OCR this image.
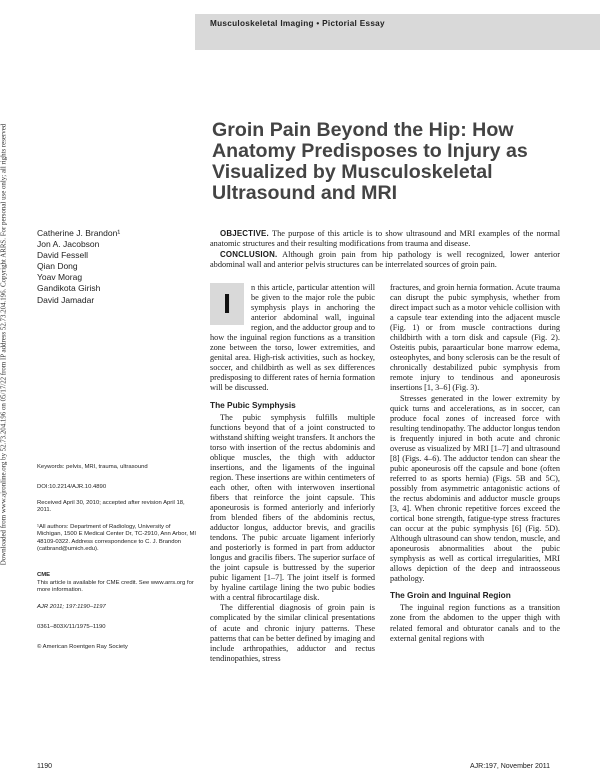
Musculoskeletal Imaging • Pictorial Essay
Downloaded from www.ajronline.org by 52.73.204.196 on 05/17/22 from IP address 52.73.204.196. Copyright ARRS. For personal use only; all rights reserved	Groin Pain Beyond the Hip: How Anatomy Predisposes to Injury as Visualized by Musculoskeletal Ultrasound and MRI
Catherine J. Brandon¹
Jon A. Jacobson
David Fessell
Qian Dong
Yoav Morag
Gandikota Girish
David Jamadar

OBJECTIVE. The purpose of this article is to show ultrasound and MRI examples of the normal anatomic structures and their resulting modifications from trauma and disease.

CONCLUSION. Although groin pain from hip pathology is well recognized, lower anterior abdominal wall and anterior pelvis structures can be interrelated sources of groin pain.

I
n this article, particular attention will be given to the major role the pubic symphysis plays in anchoring the anterior abdominal wall, inguinal region, and the adductor group and to how the inguinal region functions as a transition zone between the torso, lower extremities, and genital area. High-risk activities, such as hockey, soccer, and childbirth as well as sex differences predisposing to different rates of hernia formation will be discussed.

The Pubic Symphysis

The pubic symphysis fulfills multiple functions beyond that of a joint constructed to withstand shifting weight transfers. It anchors the torso with insertion of the rectus abdominis and oblique muscles, the thigh with adductor insertions, and the ligaments of the inguinal region. These insertions are within centimeters of each other, often with interwoven insertional fibers that reinforce the joint capsule. This aponeurosis is formed anteriorly and inferiorly from blended fibers of the abdominis rectus, adductor longus, adductor brevis, and gracilis tendons. The pubic arcuate ligament inferiorly and posteriorly is formed in part from adductor longus and gracilis fibers. The superior surface of the joint capsule is buttressed by the superior pubic ligament [1–7]. The joint itself is formed by hyaline cartilage lining the two pubic bodies with a central fibrocartilage disk.

The differential diagnosis of groin pain is complicated by the similar clinical presentations of acute and chronic injury patterns. These patterns that can be better defined by imaging and include arthropathies, adductor and rectus tendinopathies, stress

fractures, and groin hernia formation. Acute trauma can disrupt the pubic symphysis, whether from direct impact such as a motor vehicle collision with a capsule tear extending into the adjacent muscle (Fig. 1) or from muscle contractions during childbirth with a torn disk and capsule (Fig. 2). Osteitis pubis, paraarticular bone marrow edema, osteophytes, and bony sclerosis can be the result of chronically destabilized pubic symphysis from remote injury to tendinous and aponeurosis insertions [1, 3–6] (Fig. 3).

Stresses generated in the lower extremity by quick turns and accelerations, as in soccer, can produce focal zones of increased force with resulting tendinopathy. The adductor longus tendon is frequently injured in both acute and chronic overuse as visualized by MRI [1–7] and ultrasound [8] (Figs. 4–6). The adductor tendon can shear the pubic aponeurosis off the capsule and bone (often referred to as sports hernia) (Figs. 5B and 5C), possibly from asymmetric antagonistic actions of the rectus abdominis and adductor muscle groups [3, 4]. When chronic repetitive forces exceed the cortical bone strength, fatigue-type stress fractures can occur at the pubic symphysis [6] (Fig. 5D). Although ultrasound can show tendon, muscle, and aponeurosis abnormalities about the pubic symphysis as well as cortical irregularities, MRI allows depiction of the deep and intraosseous pathology.

The Groin and Inguinal Region

The inguinal region functions as a transition zone from the abdomen to the upper thigh with related femoral and obturator canals and to the external genital regions with

Keywords: pelvis, MRI, trauma, ultrasound
DOI:10.2214/AJR.10.4890
Received April 30, 2010; accepted after revision April 18, 2011.
¹All authors: Department of Radiology, University of Michigan, 1500 E Medical Center Dr, TC-2910, Ann Arbor, MI 48109-0322. Address correspondence to C. J. Brandon (catbrand@umich.edu).
CME
This article is available for CME credit. See www.arrs.org for more information.
AJR 2011; 197:1190–1197
0361–803X/11/1975–1190
© American Roentgen Ray Society
1190	AJR:197, November 2011
